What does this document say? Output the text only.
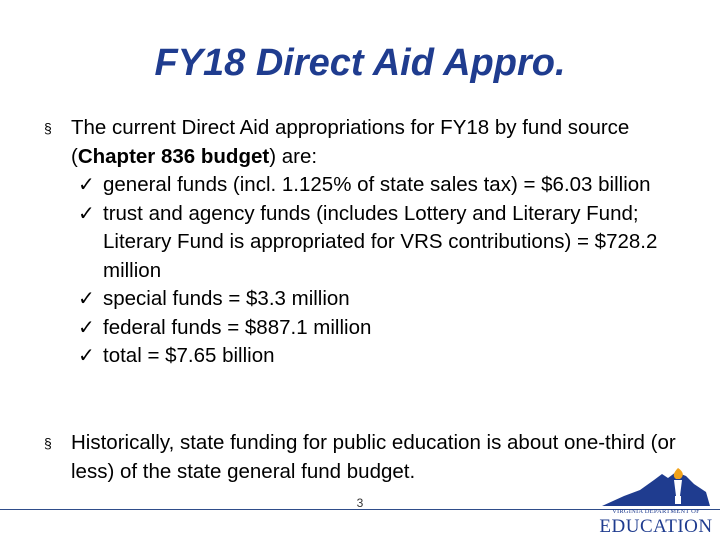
FY18 Direct Aid Appro.
§ The current Direct Aid appropriations for FY18 by fund source (Chapter 836 budget) are:
✓ general funds (incl. 1.125% of state sales tax) = $6.03 billion
✓ trust and agency funds (includes Lottery and Literary Fund; Literary Fund is appropriated for VRS contributions) = $728.2 million
✓ special funds = $3.3 million
✓ federal funds = $887.1 million
✓ total = $7.65 billion
§ Historically, state funding for public education is about one-third (or less) of the state general fund budget.
3
VIRGINIA DEPARTMENT OF
EDUCATION
